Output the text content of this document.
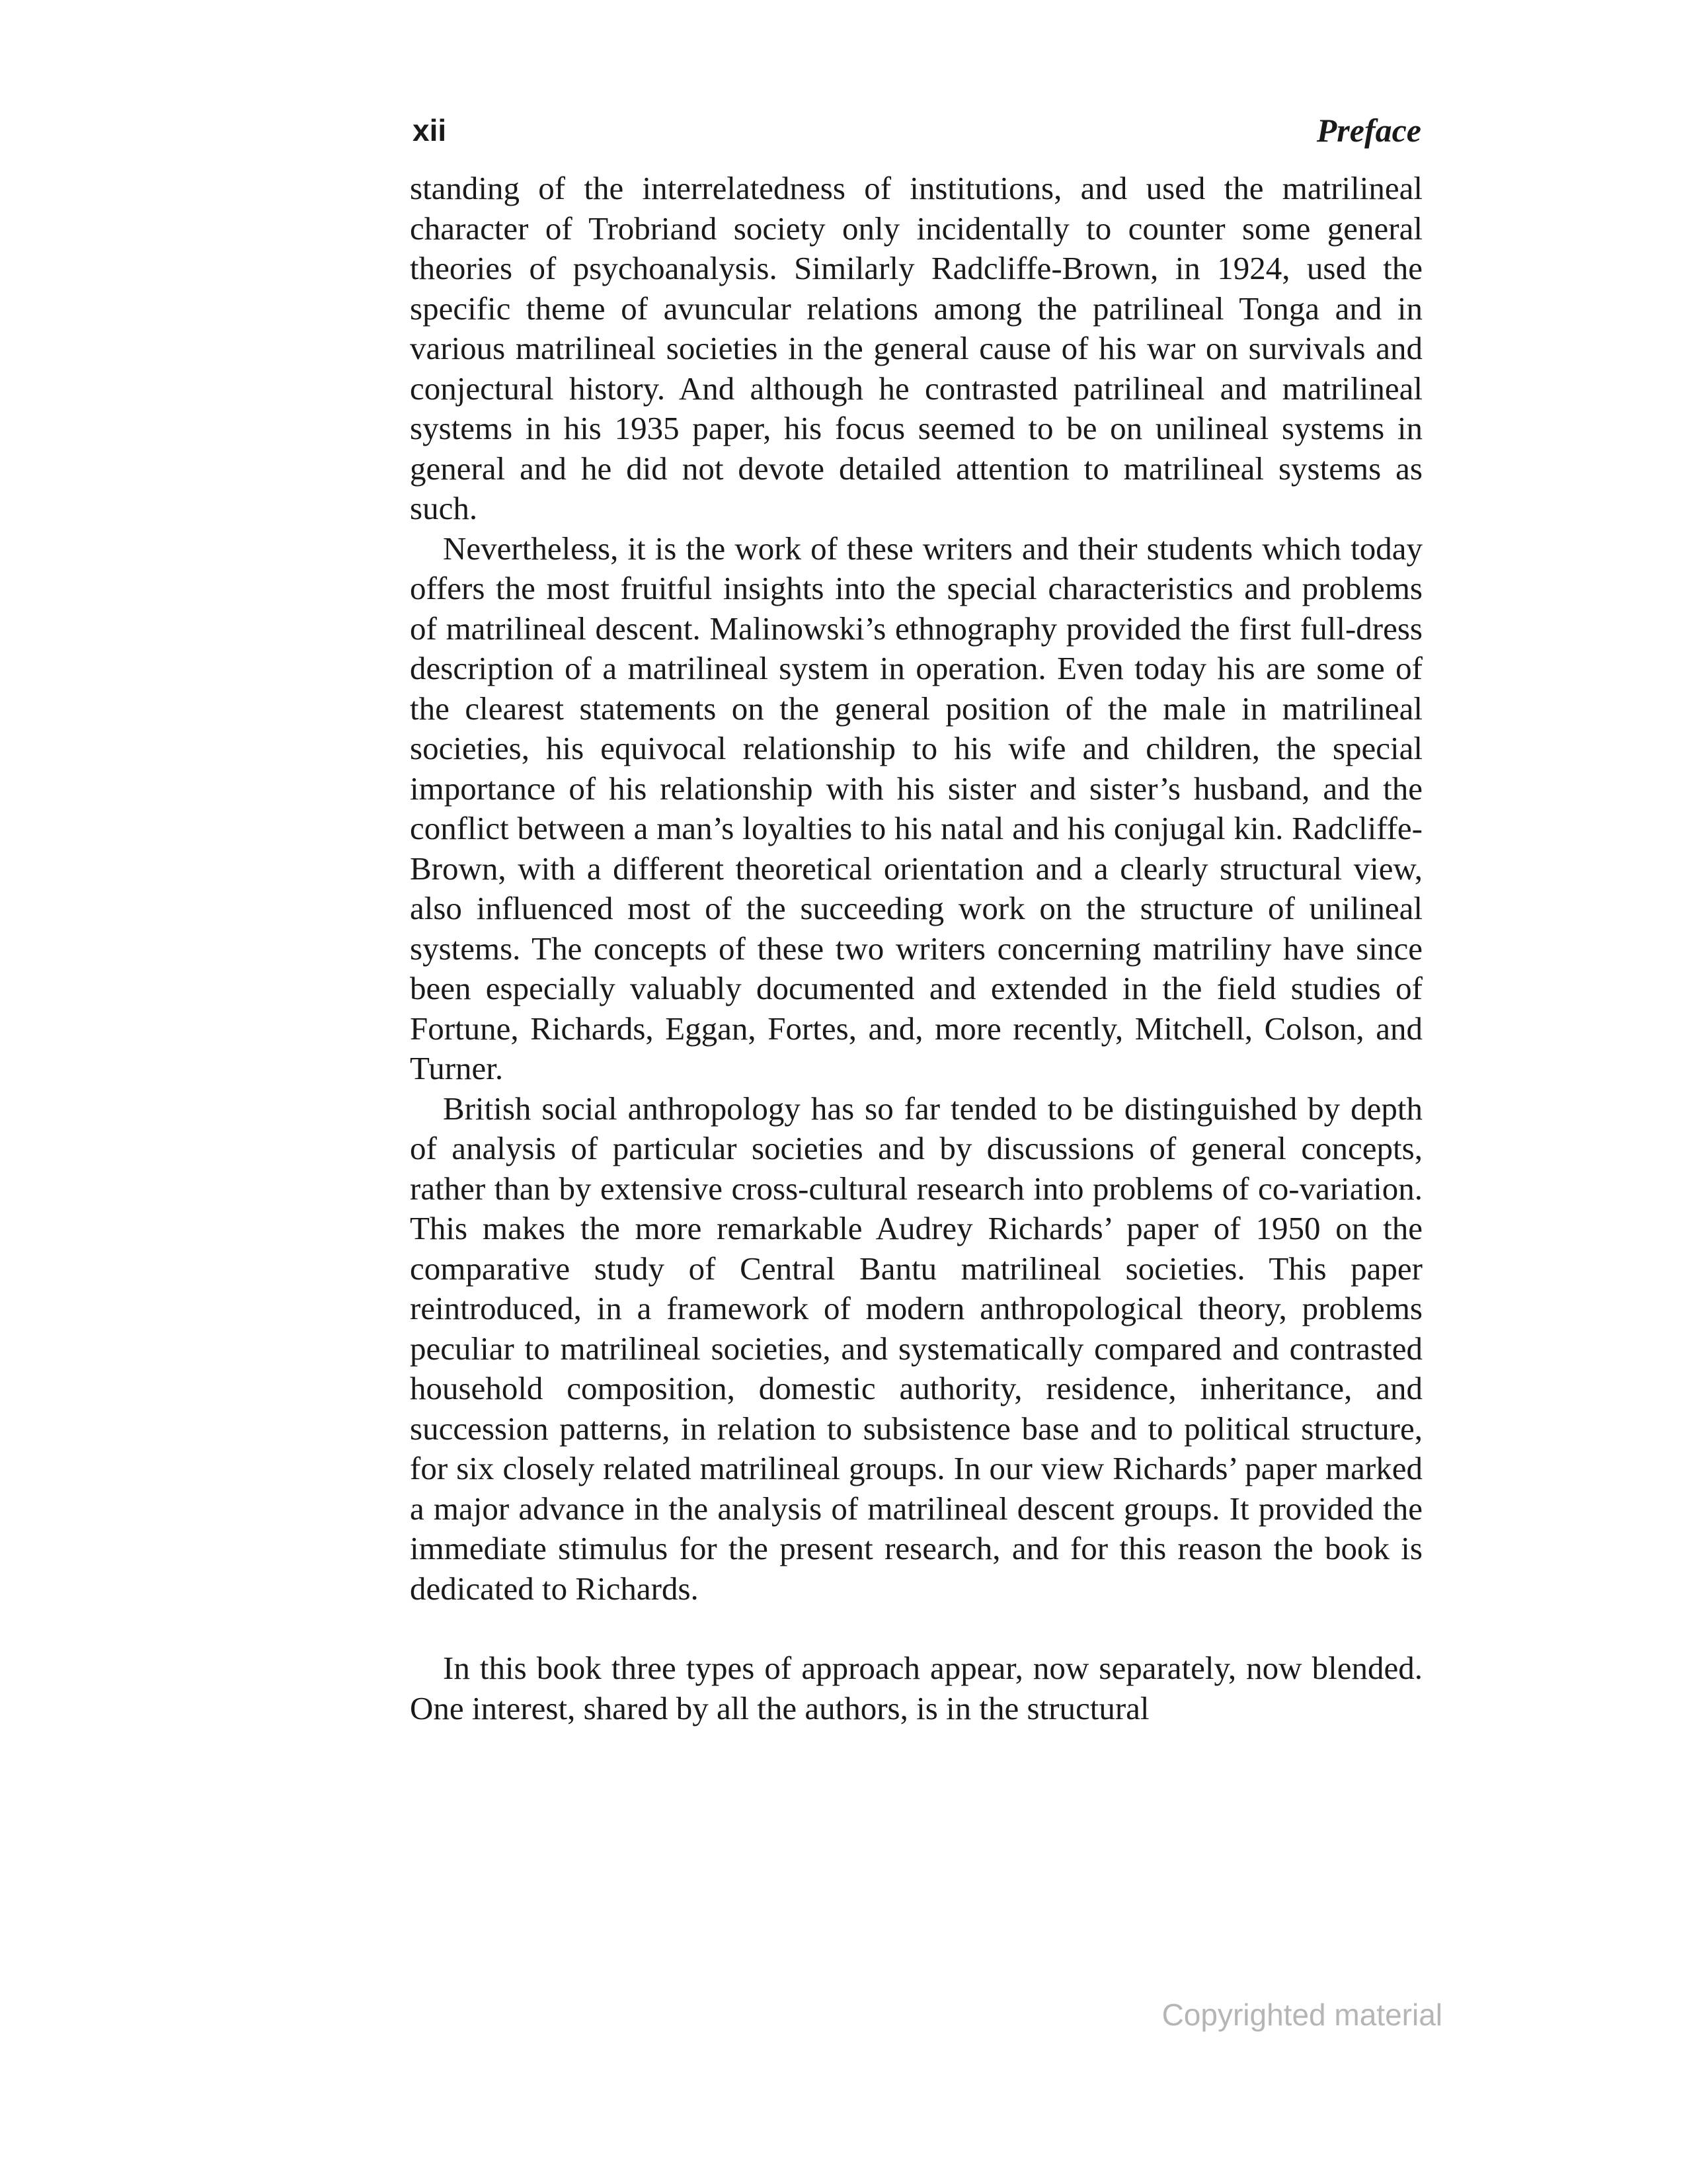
xii	Preface

standing of the interrelatedness of institutions, and used the matrilineal character of Trobriand society only incidentally to counter some general theories of psychoanalysis. Similarly Radcliffe-Brown, in 1924, used the specific theme of avuncular relations among the patrilineal Tonga and in various matrilineal societies in the general cause of his war on survivals and conjectural history. And although he contrasted patrilineal and matrilineal systems in his 1935 paper, his focus seemed to be on unilineal systems in general and he did not devote detailed attention to matrilineal systems as such.

Nevertheless, it is the work of these writers and their students which today offers the most fruitful insights into the special characteristics and problems of matrilineal descent. Malinowski’s ethnography provided the first full-dress description of a matrilineal system in operation. Even today his are some of the clearest statements on the general position of the male in matrilineal societies, his equivocal relationship to his wife and children, the special importance of his relationship with his sister and sister’s husband, and the conflict between a man’s loyalties to his natal and his conjugal kin. Radcliffe-Brown, with a different theoretical orientation and a clearly structural view, also influenced most of the succeeding work on the structure of unilineal systems. The concepts of these two writers concerning matriliny have since been especially valuably documented and extended in the field studies of Fortune, Richards, Eggan, Fortes, and, more recently, Mitchell, Colson, and Turner.

British social anthropology has so far tended to be distinguished by depth of analysis of particular societies and by discussions of general concepts, rather than by extensive cross-cultural research into problems of co-variation. This makes the more remarkable Audrey Richards’ paper of 1950 on the comparative study of Central Bantu matrilineal societies. This paper reintroduced, in a framework of modern anthropological theory, problems peculiar to matrilineal societies, and systematically compared and contrasted household composition, domestic authority, residence, inheritance, and succession patterns, in relation to subsistence base and to political structure, for six closely related matrilineal groups. In our view Richards’ paper marked a major advance in the analysis of matrilineal descent groups. It provided the immediate stimulus for the present research, and for this reason the book is dedicated to Richards.

In this book three types of approach appear, now separately, now blended. One interest, shared by all the authors, is in the structural

Copyrighted material
